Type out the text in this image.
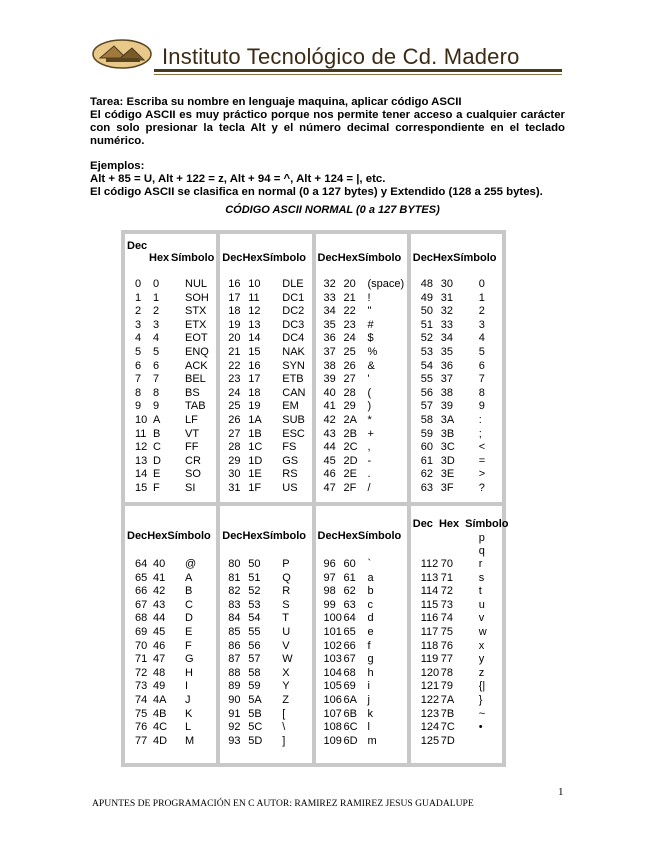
Instituto Tecnológico de Cd. Madero

Tarea: Escriba su nombre en lenguaje maquina, aplicar código ASCII

El código ASCII es muy práctico porque nos permite tener acceso a cualquier carácter con solo presionar la tecla Alt y el número decimal correspondiente en el teclado numérico.

Ejemplos:

Alt + 85 = U, Alt + 122 = z, Alt + 94 = ^, Alt + 124 = |, etc.

El código ASCII se clasifica en normal (0 a 127 bytes) y Extendido (128 a 255 bytes).

CÓDIGO ASCII NORMAL (0 a 127 BYTES)
Dec
Hex Símbolo
0 0 NUL
1 1 SOH
2 2 STX
3 3 ETX
4 4 EOT
5 5 ENQ
6 6 ACK
7 7 BEL
8 8 BS
9 9 TAB
10 A LF
11 B VT
12 C FF
13 D CR
14 E SO
15 F SI
DecHexSímbolo
16 10 DLE
17 11 DC1
18 12 DC2
19 13 DC3
20 14 DC4
21 15 NAK
22 16 SYN
23 17 ETB
24 18 CAN
25 19 EM
26 1A SUB
27 1B ESC
28 1C FS
29 1D GS
30 1E RS
31 1F US
DecHexSímbolo
32 20 (space)
33 21 !
34 22 "
35 23 #
36 24 $
37 25 %
38 26 &
39 27 '
40 28 (
41 29 )
42 2A *
43 2B +
44 2C ,
45 2D -
46 2E .
47 2F /
DecHexSímbolo
48 30 0
49 31 1
50 32 2
51 33 3
52 34 4
53 35 5
54 36 6
55 37 7
56 38 8
57 39 9
58 3A :
59 3B ;
60 3C <
61 3D =
62 3E >
63 3F ?
DecHexSímbolo
64 40 @
65 41 A
66 42 B
67 43 C
68 44 D
69 45 E
70 46 F
71 47 G
72 48 H
73 49 I
74 4A J
75 4B K
76 4C L
77 4D M
DecHexSímbolo
80 50 P
81 51 Q
82 52 R
83 53 S
84 54 T
85 55 U
86 56 V
87 57 W
88 58 X
89 59 Y
90 5A Z
91 5B [
92 5C \
93 5D ]
DecHexSímbolo
96 60 `
97 61 a
98 62 b
99 63 c
100 64 d
101 65 e
102 66 f
103 67 g
104 68 h
105 69 i
106 6A j
107 6B k
108 6C l
109 6D m
Dec Hex Símbolo
112 70 r
113 71 s
114 72 t
115 73 u
116 74 v
117 75 w
118 76 x
119 77 y
120 78 z
121 79 {|
122 7A }
123 7B ~
124 7C •
125 7D
p
q
1
APUNTES DE PROGRAMACIÓN EN C AUTOR: RAMIREZ RAMIREZ JESUS GUADALUPE
